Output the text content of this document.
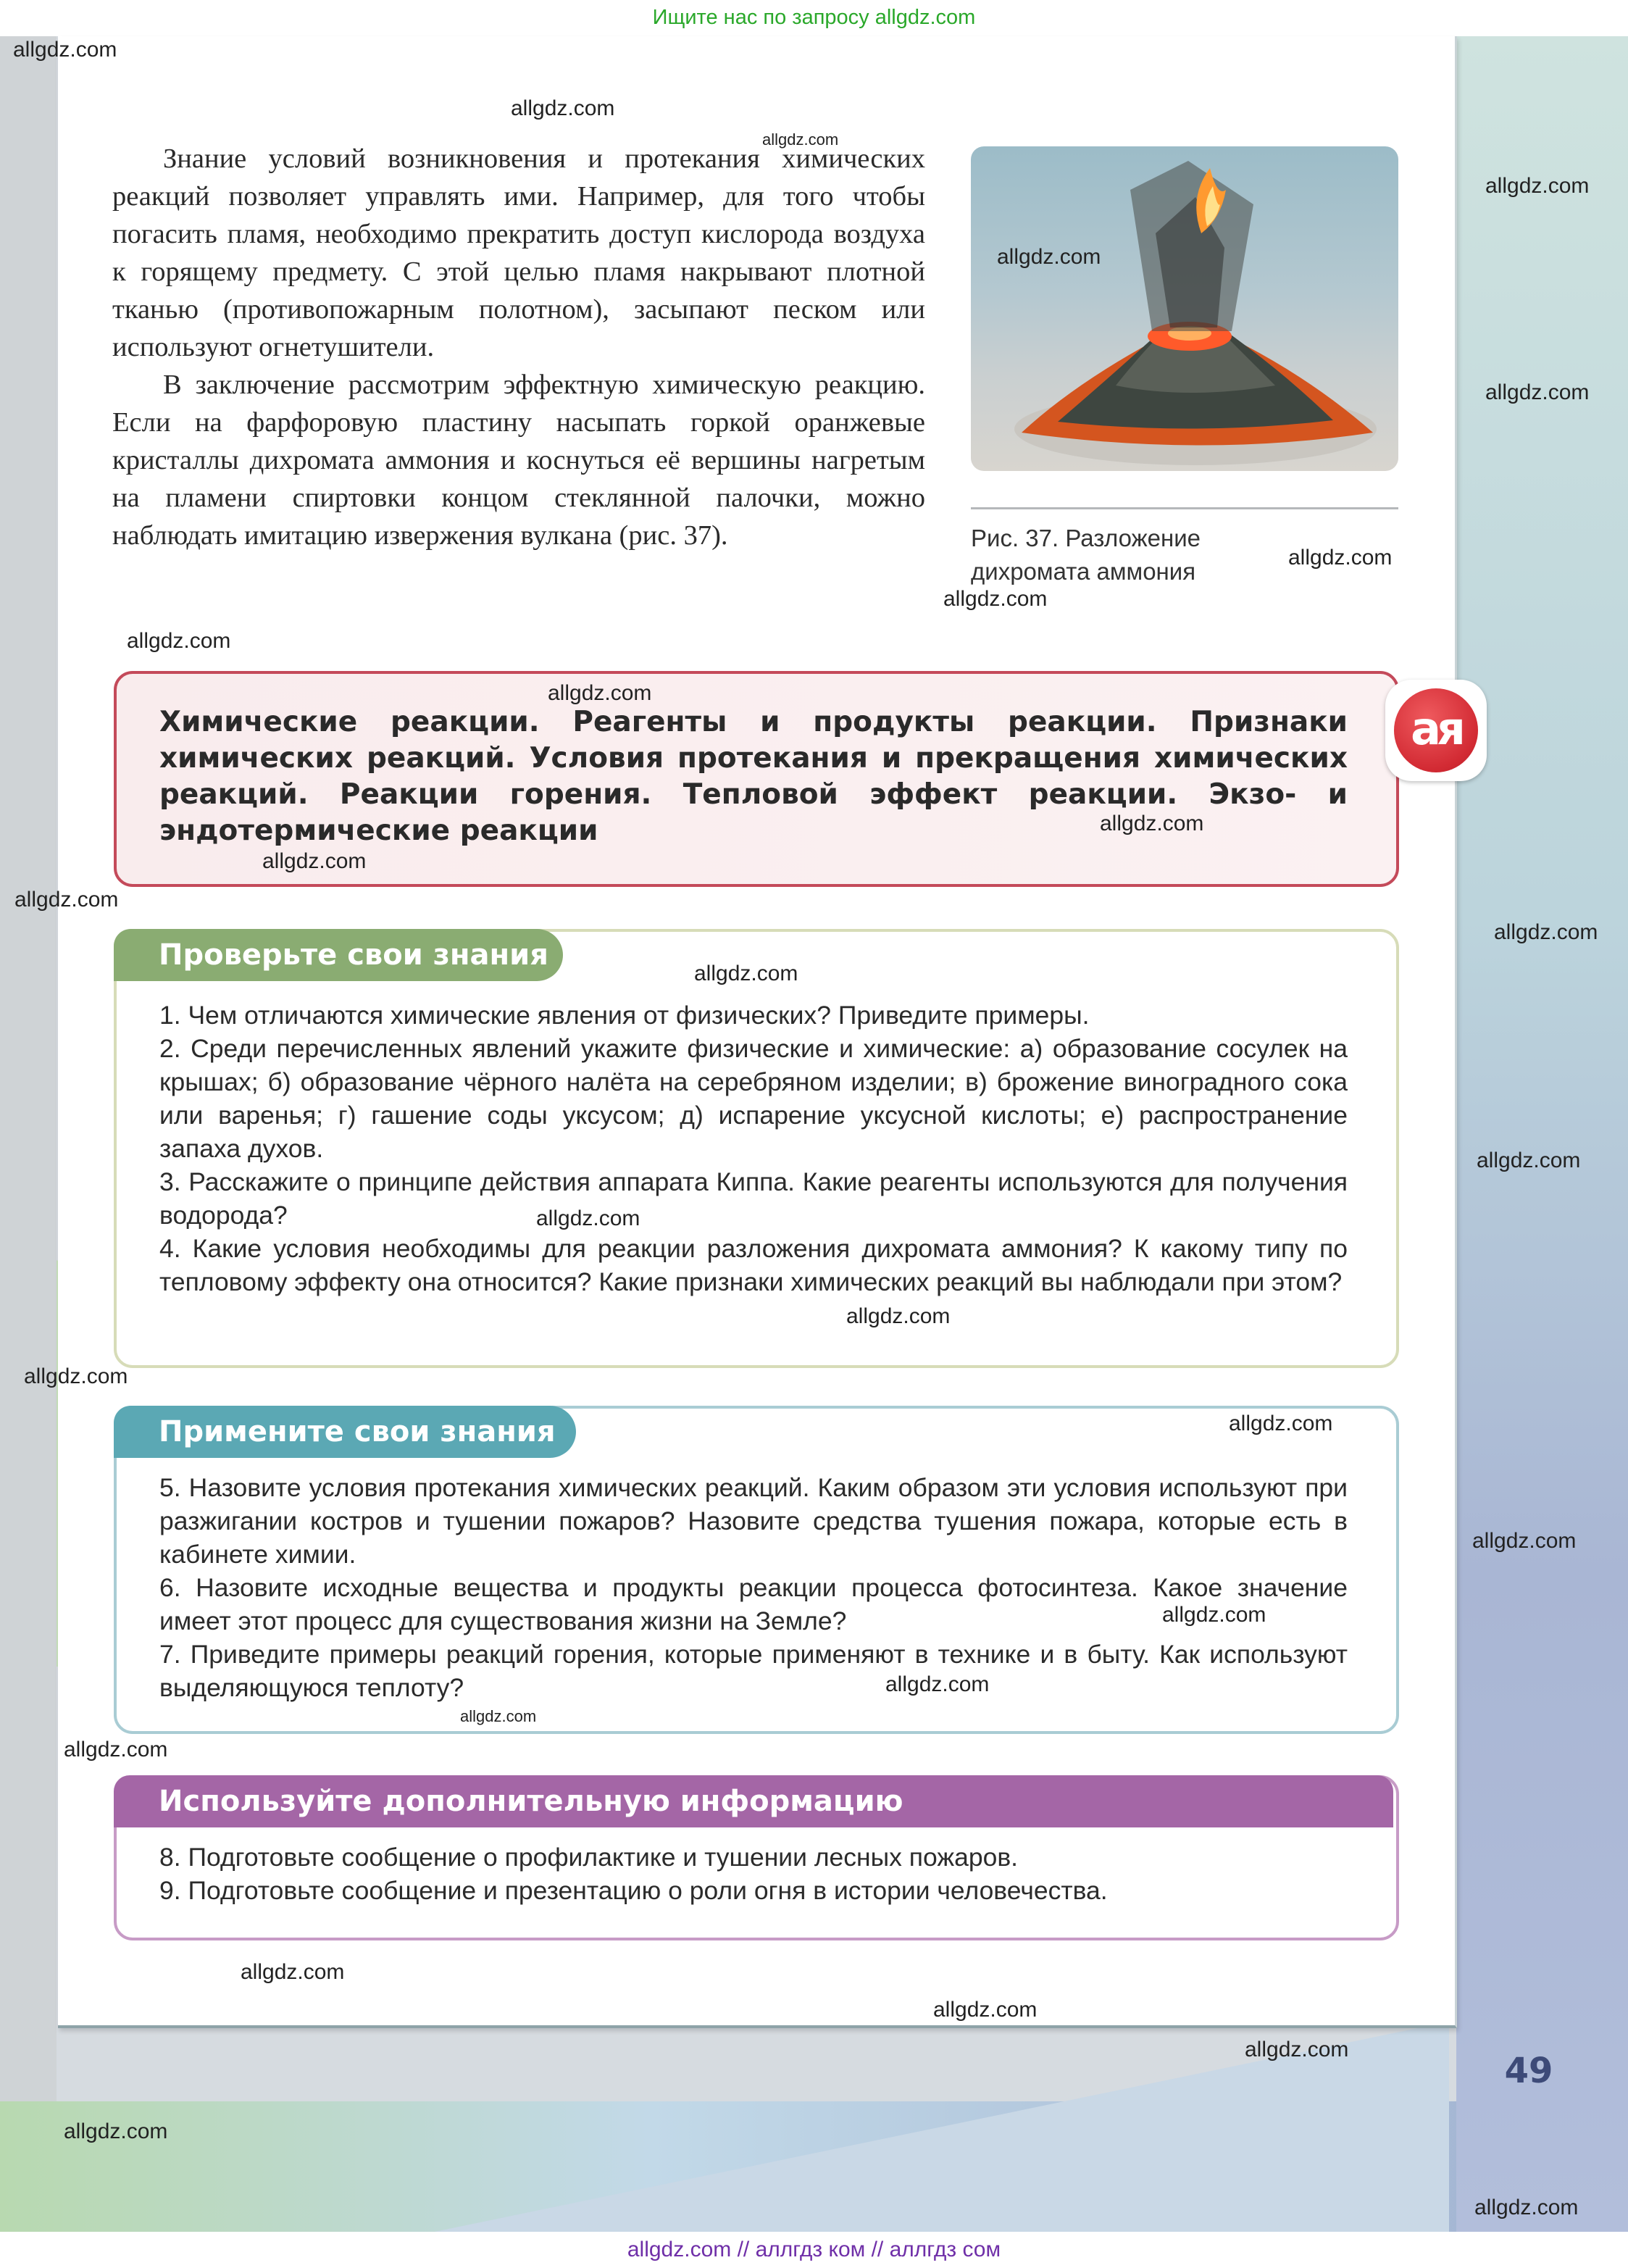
Ищите нас по запросу allgdz.com

Знание условий возникновения и протекания химических реакций позволяет управлять ими. Например, для того чтобы погасить пламя, необходимо прекратить доступ кислорода воздуха к горящему предмету. С этой целью пламя накрывают плотной тканью (противопожарным полотном), засыпают песком или используют огнетушители.

В заключение рассмотрим эффектную химическую реакцию. Если на фарфоровую пластину насыпать горкой оранжевые кристаллы дихромата аммония и коснуться её вершины нагретым на пламени спиртовки концом стеклянной палочки, можно наблюдать имитацию извержения вулкана (рис. 37).	Рис. 37. Разложение дихромата аммония
Химические реакции. Реагенты и продукты реакции. Признаки химических реакций. Условия протекания и прекращения химических реакций. Реакции горения. Тепловой эффект реакции. Экзо- и эндотермические реакции
ая
Проверьте свои знания

1. Чем отличаются химические явления от физических? Приведите примеры.

2. Среди перечисленных явлений укажите физические и химические: а) образование сосулек на крышах; б) образование чёрного налёта на серебряном изделии; в) брожение виноградного сока или варенья; г) гашение соды уксусом; д) испарение уксусной кислоты; е) распространение запаха духов.

3. Расскажите о принципе действия аппарата Киппа. Какие реагенты используются для получения водорода?

4. Какие условия необходимы для реакции разложения дихромата аммония? К какому типу по тепловому эффекту она относится? Какие признаки химических реакций вы наблюдали при этом?

Примените свои знания

5. Назовите условия протекания химических реакций. Каким образом эти условия используют при разжигании костров и тушении пожаров? Назовите средства тушения пожара, которые есть в кабинете химии.

6. Назовите исходные вещества и продукты реакции процесса фотосинтеза. Какое значение имеет этот процесс для существования жизни на Земле?

7. Приведите примеры реакций горения, которые применяют в технике и в быту. Как используют выделяющуюся теплоту?

Используйте дополнительную информацию

8. Подготовьте сообщение о профилактике и тушении лесных пожаров.

9. Подготовьте сообщение и презентацию о роли огня в истории человечества.

49
allgdz.com
allgdz.com
allgdz.com
allgdz.com
allgdz.com
allgdz.com
allgdz.com
allgdz.com
allgdz.com
allgdz.com
allgdz.com
allgdz.com
allgdz.com
allgdz.com
allgdz.com
allgdz.com
allgdz.com
allgdz.com
allgdz.com
allgdz.com
allgdz.com
allgdz.com
allgdz.com
allgdz.com
allgdz.com
allgdz.com
allgdz.com
allgdz.com
allgdz.com
allgdz.com
allgdz.com // аллгдз ком // аллгдз сом
